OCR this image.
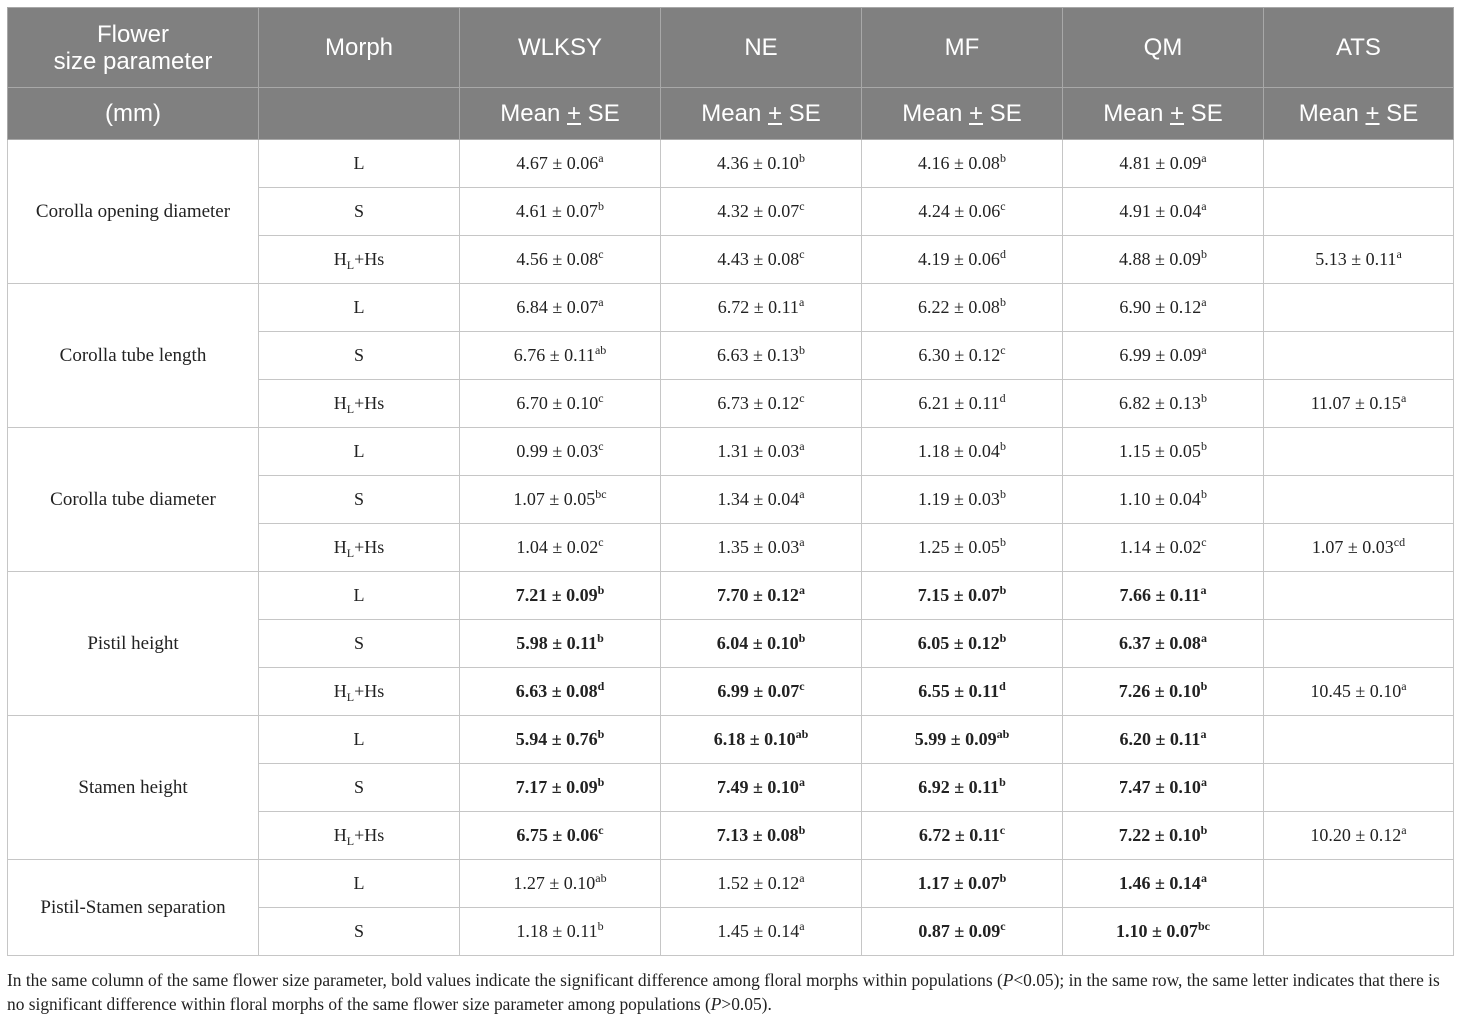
Flower
size parameter	Morph	WLKSY	NE	MF	QM	ATS
(mm)		Mean + SE	Mean + SE	Mean + SE	Mean + SE	Mean + SE
Corolla opening diameter	L	4.67 ± 0.06$^a$	4.36 ± 0.10$^b$	4.16 ± 0.08$^b$	4.81 ± 0.09$^a$	
	S	4.61 ± 0.07$^b$	4.32 ± 0.07$^c$	4.24 ± 0.06$^c$	4.91 ± 0.04$^a$	
	$H_L+Hs$	4.56 ± 0.08$^c$	4.43 ± 0.08$^c$	4.19 ± 0.06$^d$	4.88 ± 0.09$^b$	5.13 ± 0.11$^a$
Corolla tube length	L	6.84 ± 0.07$^a$	6.72 ± 0.11$^a$	6.22 ± 0.08$^b$	6.90 ± 0.12$^a$	
	S	6.76 ± 0.11$^{ab}$	6.63 ± 0.13$^b$	6.30 ± 0.12$^c$	6.99 ± 0.09$^a$	
	$H_L+Hs$	6.70 ± 0.10$^c$	6.73 ± 0.12$^c$	6.21 ± 0.11$^d$	6.82 ± 0.13$^b$	11.07 ± 0.15$^a$
Corolla tube diameter	L	0.99 ± 0.03$^c$	1.31 ± 0.03$^a$	1.18 ± 0.04$^b$	1.15 ± 0.05$^b$	
	S	1.07 ± 0.05$^{bc}$	1.34 ± 0.04$^a$	1.19 ± 0.03$^b$	1.10 ± 0.04$^b$	
	$H_L+Hs$	1.04 ± 0.02$^c$	1.35 ± 0.03$^a$	1.25 ± 0.05$^b$	1.14 ± 0.02$^c$	1.07 ± 0.03$^{cd}$
Pistil height	L	7.21 ± 0.09$^b$	7.70 ± 0.12$^a$	7.15 ± 0.07$^b$	7.66 ± 0.11$^a$	
	S	5.98 ± 0.11$^b$	6.04 ± 0.10$^b$	6.05 ± 0.12$^b$	6.37 ± 0.08$^a$	
	$H_L+Hs$	6.63 ± 0.08$^d$	6.99 ± 0.07$^c$	6.55 ± 0.11$^d$	7.26 ± 0.10$^b$	10.45 ± 0.10$^a$
Stamen height	L	5.94 ± 0.76$^b$	6.18 ± 0.10$^{ab}$	5.99 ± 0.09$^{ab}$	6.20 ± 0.11$^a$	
	S	7.17 ± 0.09$^b$	7.49 ± 0.10$^a$	6.92 ± 0.11$^b$	7.47 ± 0.10$^a$	
	$H_L+Hs$	6.75 ± 0.06$^c$	7.13 ± 0.08$^b$	6.72 ± 0.11$^c$	7.22 ± 0.10$^b$	10.20 ± 0.12$^a$
Pistil-Stamen separation	L	1.27 ± 0.10$^{ab}$	1.52 ± 0.12$^a$	1.17 ± 0.07$^b$	1.46 ± 0.14$^a$	
	S	1.18 ± 0.11$^b$	1.45 ± 0.14$^a$	0.87 ± 0.09$^c$	1.10 ± 0.07$^{bc}$	
In the same column of the same flower size parameter, bold values indicate the significant difference among floral morphs within populations (P<0.05); in the same row, the same letter indicates that there is no significant difference within floral morphs of the same flower size parameter among populations (P>0.05).
